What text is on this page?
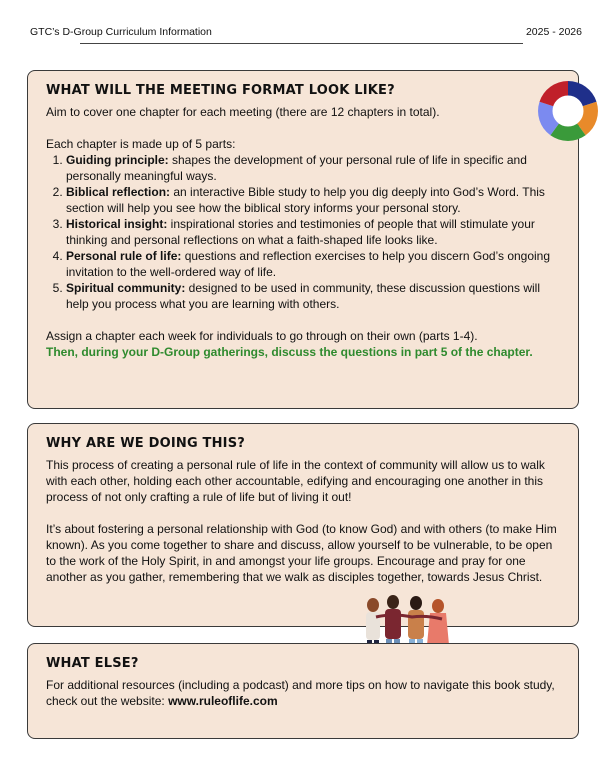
GTC’s D-Group Curriculum Information	2025 - 2026
WHAT WILL THE MEETING FORMAT LOOK LIKE?

Aim to cover one chapter for each meeting (there are 12 chapters in total).

Each chapter is made up of 5 parts:

1. Guiding principle: shapes the development of your personal rule of life in specific and personally meaningful ways.
2. Biblical reflection: an interactive Bible study to help you dig deeply into God’s Word. This section will help you see how the biblical story informs your personal story.
3. Historical insight: inspirational stories and testimonies of people that will stimulate your thinking and personal reflections on what a faith-shaped life looks like.
4. Personal rule of life: questions and reflection exercises to help you discern God’s ongoing invitation to the well-ordered way of life.
5. Spiritual community: designed to be used in community, these discussion questions will help you process what you are learning with others.

Assign a chapter each week for individuals to go through on their own (parts 1-4).

Then, during your D-Group gatherings, discuss the questions in part 5 of the chapter.

WHY ARE WE DOING THIS?

This process of creating a personal rule of life in the context of community will allow us to walk with each other, holding each other accountable, edifying and encouraging one another in this process of not only crafting a rule of life but of living it out!

It’s about fostering a personal relationship with God (to know God) and with others (to make Him known). As you come together to share and discuss, allow yourself to be vulnerable, to be open to the work of the Holy Spirit, in and amongst your life groups. Encourage and pray for one another as you gather, remembering that we walk as disciples together, towards Jesus Christ.

WHAT ELSE?

For additional resources (including a podcast) and more tips on how to navigate this book study, check out the website: www.ruleoflife.com
